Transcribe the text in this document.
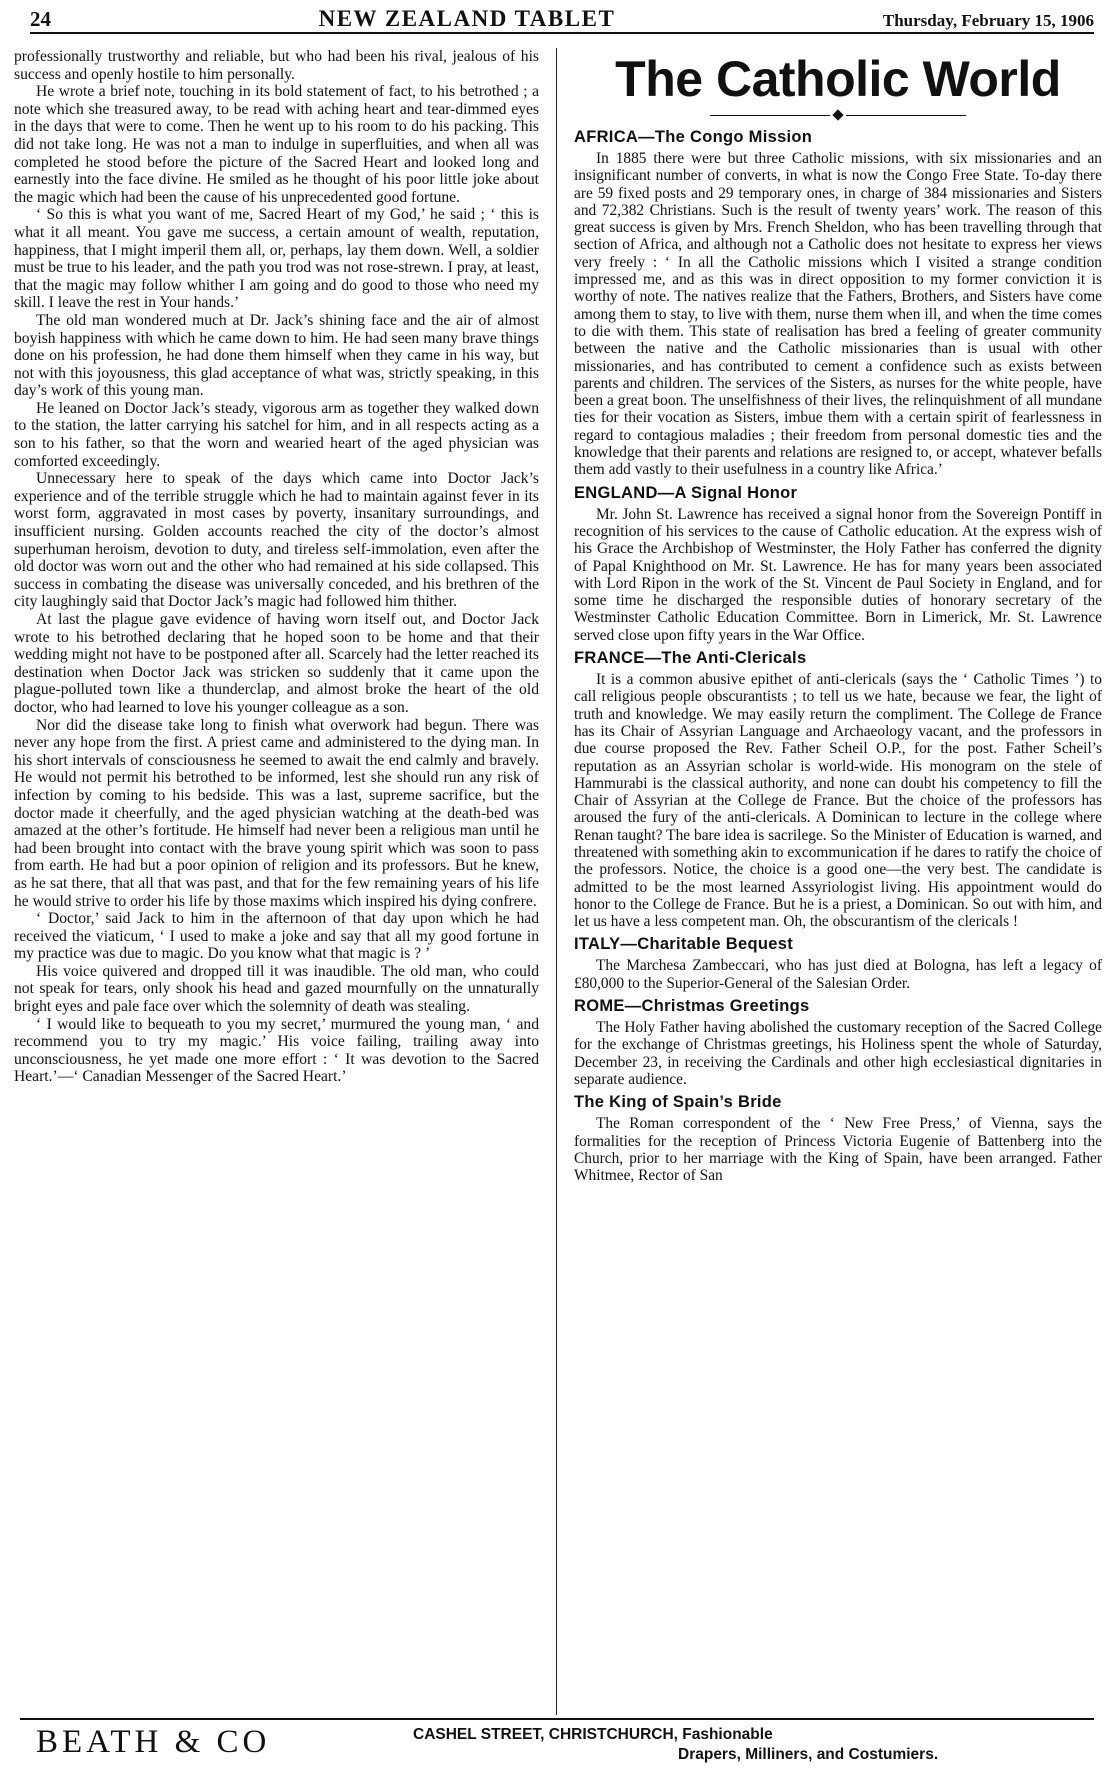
24	NEW ZEALAND TABLET	Thursday, February 15, 1906

professionally trustworthy and reliable, but who had been his rival, jealous of his success and openly hostile to him personally.

He wrote a brief note, touching in its bold statement of fact, to his betrothed ; a note which she treasured away, to be read with aching heart and tear-dimmed eyes in the days that were to come. Then he went up to his room to do his packing. This did not take long. He was not a man to indulge in superfluities, and when all was completed he stood before the picture of the Sacred Heart and looked long and earnestly into the face divine. He smiled as he thought of his poor little joke about the magic which had been the cause of his unprecedented good fortune.

‘ So this is what you want of me, Sacred Heart of my God,’ he said ; ‘ this is what it all meant. You gave me success, a certain amount of wealth, reputation, happiness, that I might imperil them all, or, perhaps, lay them down. Well, a soldier must be true to his leader, and the path you trod was not rose-strewn. I pray, at least, that the magic may follow whither I am going and do good to those who need my skill. I leave the rest in Your hands.’

The old man wondered much at Dr. Jack’s shining face and the air of almost boyish happiness with which he came down to him. He had seen many brave things done on his profession, he had done them himself when they came in his way, but not with this joyousness, this glad acceptance of what was, strictly speaking, in this day’s work of this young man.

He leaned on Doctor Jack’s steady, vigorous arm as together they walked down to the station, the latter carrying his satchel for him, and in all respects acting as a son to his father, so that the worn and wearied heart of the aged physician was comforted exceedingly.

Unnecessary here to speak of the days which came into Doctor Jack’s experience and of the terrible struggle which he had to maintain against fever in its worst form, aggravated in most cases by poverty, insanitary surroundings, and insufficient nursing. Golden accounts reached the city of the doctor’s almost superhuman heroism, devotion to duty, and tireless self-immolation, even after the old doctor was worn out and the other who had remained at his side collapsed. This success in combating the disease was universally conceded, and his brethren of the city laughingly said that Doctor Jack’s magic had followed him thither.

At last the plague gave evidence of having worn itself out, and Doctor Jack wrote to his betrothed declaring that he hoped soon to be home and that their wedding might not have to be postponed after all. Scarcely had the letter reached its destination when Doctor Jack was stricken so suddenly that it came upon the plague-polluted town like a thunderclap, and almost broke the heart of the old doctor, who had learned to love his younger colleague as a son.

Nor did the disease take long to finish what overwork had begun. There was never any hope from the first. A priest came and administered to the dying man. In his short intervals of consciousness he seemed to await the end calmly and bravely. He would not permit his betrothed to be informed, lest she should run any risk of infection by coming to his bedside. This was a last, supreme sacrifice, but the doctor made it cheerfully, and the aged physician watching at the death-bed was amazed at the other’s fortitude. He himself had never been a religious man until he had been brought into contact with the brave young spirit which was soon to pass from earth. He had but a poor opinion of religion and its professors. But he knew, as he sat there, that all that was past, and that for the few remaining years of his life he would strive to order his life by those maxims which inspired his dying confrere.

‘ Doctor,’ said Jack to him in the afternoon of that day upon which he had received the viaticum, ‘ I used to make a joke and say that all my good fortune in my practice was due to magic. Do you know what that magic is ? ’

His voice quivered and dropped till it was inaudible. The old man, who could not speak for tears, only shook his head and gazed mournfully on the unnaturally bright eyes and pale face over which the solemnity of death was stealing.

‘ I would like to bequeath to you my secret,’ murmured the young man, ‘ and recommend you to try my magic.’ His voice failing, trailing away into unconsciousness, he yet made one more effort : ‘ It was devotion to the Sacred Heart.’—‘ Canadian Messenger of the Sacred Heart.’

The Catholic World
AFRICA—The Congo Mission

In 1885 there were but three Catholic missions, with six missionaries and an insignificant number of converts, in what is now the Congo Free State. To-day there are 59 fixed posts and 29 temporary ones, in charge of 384 missionaries and Sisters and 72,382 Christians. Such is the result of twenty years’ work. The reason of this great success is given by Mrs. French Sheldon, who has been travelling through that section of Africa, and although not a Catholic does not hesitate to express her views very freely : ‘ In all the Catholic missions which I visited a strange condition impressed me, and as this was in direct opposition to my former conviction it is worthy of note. The natives realize that the Fathers, Brothers, and Sisters have come among them to stay, to live with them, nurse them when ill, and when the time comes to die with them. This state of realisation has bred a feeling of greater community between the native and the Catholic missionaries than is usual with other missionaries, and has contributed to cement a confidence such as exists between parents and children. The services of the Sisters, as nurses for the white people, have been a great boon. The unselfishness of their lives, the relinquishment of all mundane ties for their vocation as Sisters, imbue them with a certain spirit of fearlessness in regard to contagious maladies ; their freedom from personal domestic ties and the knowledge that their parents and relations are resigned to, or accept, whatever befalls them add vastly to their usefulness in a country like Africa.’

ENGLAND—A Signal Honor

Mr. John St. Lawrence has received a signal honor from the Sovereign Pontiff in recognition of his services to the cause of Catholic education. At the express wish of his Grace the Archbishop of Westminster, the Holy Father has conferred the dignity of Papal Knighthood on Mr. St. Lawrence. He has for many years been associated with Lord Ripon in the work of the St. Vincent de Paul Society in England, and for some time he discharged the responsible duties of honorary secretary of the Westminster Catholic Education Committee. Born in Limerick, Mr. St. Lawrence served close upon fifty years in the War Office.

FRANCE—The Anti-Clericals

It is a common abusive epithet of anti-clericals (says the ‘ Catholic Times ’) to call religious people obscurantists ; to tell us we hate, because we fear, the light of truth and knowledge. We may easily return the compliment. The College de France has its Chair of Assyrian Language and Archaeology vacant, and the professors in due course proposed the Rev. Father Scheil O.P., for the post. Father Scheil’s reputation as an Assyrian scholar is world-wide. His monogram on the stele of Hammurabi is the classical authority, and none can doubt his competency to fill the Chair of Assyrian at the College de France. But the choice of the professors has aroused the fury of the anti-clericals. A Dominican to lecture in the college where Renan taught? The bare idea is sacrilege. So the Minister of Education is warned, and threatened with something akin to excommunication if he dares to ratify the choice of the professors. Notice, the choice is a good one—the very best. The candidate is admitted to be the most learned Assyriologist living. His appointment would do honor to the College de France. But he is a priest, a Dominican. So out with him, and let us have a less competent man. Oh, the obscurantism of the clericals !

ITALY—Charitable Bequest

The Marchesa Zambeccari, who has just died at Bologna, has left a legacy of £80,000 to the Superior-General of the Salesian Order.

ROME—Christmas Greetings

The Holy Father having abolished the customary reception of the Sacred College for the exchange of Christmas greetings, his Holiness spent the whole of Saturday, December 23, in receiving the Cardinals and other high ecclesiastical dignitaries in separate audience.

The King of Spain’s Bride

The Roman correspondent of the ‘ New Free Press,’ of Vienna, says the formalities for the reception of Princess Victoria Eugenie of Battenberg into the Church, prior to her marriage with the King of Spain, have been arranged. Father Whitmee, Rector of San

BEATH & CO	CASHEL STREET, CHRISTCHURCH, Fashionable
Drapers, Milliners, and Costumiers.
